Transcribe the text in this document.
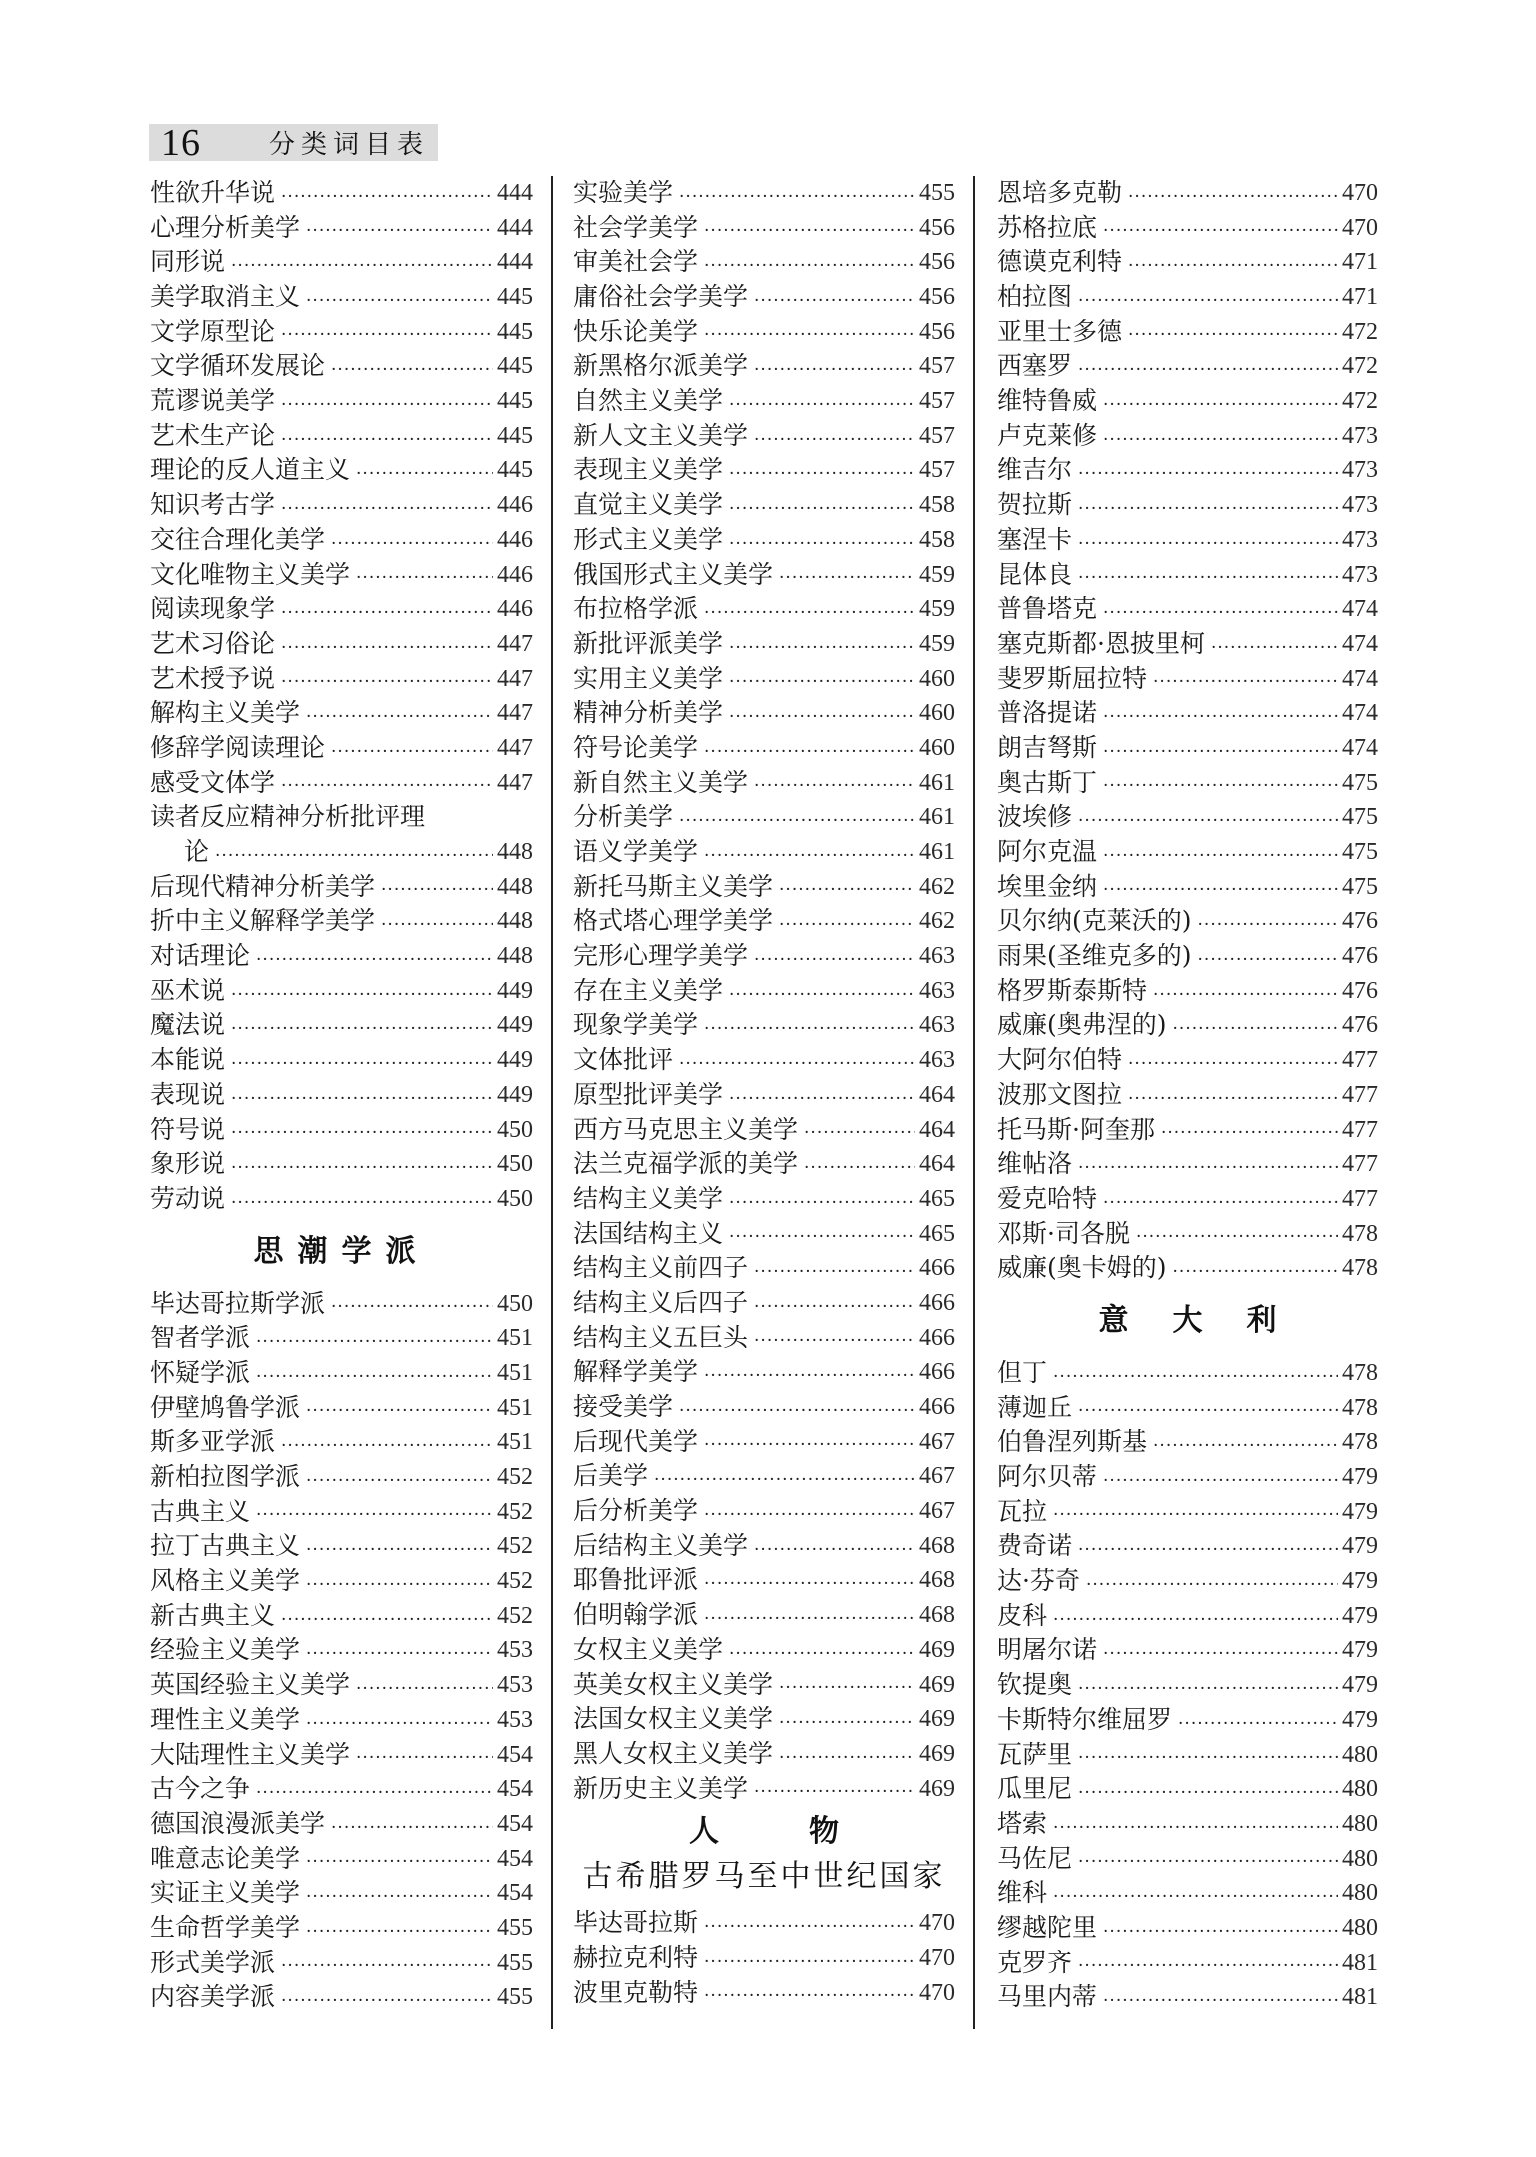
16	分类词目表
性欲升华说 ·····	444
心理分析美学 ·····	444
同形说 ·····	444
美学取消主义 ·····	445
文学原型论 ·····	445
文学循环发展论 ·····	445
荒谬说美学 ·····	445
艺术生产论 ·····	445
理论的反人道主义 ·····	445
知识考古学 ·····	446
交往合理化美学 ·····	446
文化唯物主义美学 ·····	446
阅读现象学 ·····	446
艺术习俗论 ·····	447
艺术授予说 ·····	447
解构主义美学 ·····	447
修辞学阅读理论 ·····	447
感受文体学 ·····	447
读者反应精神分析批评理
论 ·····	448
后现代精神分析美学 ·····	448
折中主义解释学美学 ·····	448
对话理论 ·····	448
巫术说 ·····	449
魔法说 ·····	449
本能说 ·····	449
表现说 ·····	449
符号说 ·····	450
象形说 ·····	450
劳动说 ·····	450
思潮学派
毕达哥拉斯学派 ·····	450
智者学派 ·····	451
怀疑学派 ·····	451
伊壁鸠鲁学派 ·····	451
斯多亚学派 ·····	451
新柏拉图学派 ·····	452
古典主义 ·····	452
拉丁古典主义 ·····	452
风格主义美学 ·····	452
新古典主义 ·····	452
经验主义美学 ·····	453
英国经验主义美学 ·····	453
理性主义美学 ·····	453
大陆理性主义美学 ·····	454
古今之争 ·····	454
德国浪漫派美学 ·····	454
唯意志论美学 ·····	454
实证主义美学 ·····	454
生命哲学美学 ·····	455
形式美学派 ·····	455
内容美学派 ·····	455
实验美学 ·····	455
社会学美学 ·····	456
审美社会学 ·····	456
庸俗社会学美学 ·····	456
快乐论美学 ·····	456
新黑格尔派美学 ·····	457
自然主义美学 ·····	457
新人文主义美学 ·····	457
表现主义美学 ·····	457
直觉主义美学 ·····	458
形式主义美学 ·····	458
俄国形式主义美学 ·····	459
布拉格学派 ·····	459
新批评派美学 ·····	459
实用主义美学 ·····	460
精神分析美学 ·····	460
符号论美学 ·····	460
新自然主义美学 ·····	461
分析美学 ·····	461
语义学美学 ·····	461
新托马斯主义美学 ·····	462
格式塔心理学美学 ·····	462
完形心理学美学 ·····	463
存在主义美学 ·····	463
现象学美学 ·····	463
文体批评 ·····	463
原型批评美学 ·····	464
西方马克思主义美学 ·····	464
法兰克福学派的美学 ·····	464
结构主义美学 ·····	465
法国结构主义 ·····	465
结构主义前四子 ·····	466
结构主义后四子 ·····	466
结构主义五巨头 ·····	466
解释学美学 ·····	466
接受美学 ·····	466
后现代美学 ·····	467
后美学 ·····	467
后分析美学 ·····	467
后结构主义美学 ·····	468
耶鲁批评派 ·····	468
伯明翰学派 ·····	468
女权主义美学 ·····	469
英美女权主义美学 ·····	469
法国女权主义美学 ·····	469
黑人女权主义美学 ·····	469
新历史主义美学 ·····	469
人物
古希腊罗马至中世纪国家
毕达哥拉斯 ·····	470
赫拉克利特 ·····	470
波里克勒特 ·····	470
恩培多克勒 ·····	470
苏格拉底 ·····	470
德谟克利特 ·····	471
柏拉图 ·····	471
亚里士多德 ·····	472
西塞罗 ·····	472
维特鲁威 ·····	472
卢克莱修 ·····	473
维吉尔 ·····	473
贺拉斯 ·····	473
塞涅卡 ·····	473
昆体良 ·····	473
普鲁塔克 ·····	474
塞克斯都·恩披里柯 ·····	474
斐罗斯屈拉特 ·····	474
普洛提诺 ·····	474
朗吉弩斯 ·····	474
奥古斯丁 ·····	475
波埃修 ·····	475
阿尔克温 ·····	475
埃里金纳 ·····	475
贝尔纳(克莱沃的) ·····	476
雨果(圣维克多的) ·····	476
格罗斯泰斯特 ·····	476
威廉(奥弗涅的) ·····	476
大阿尔伯特 ·····	477
波那文图拉 ·····	477
托马斯·阿奎那 ·····	477
维帖洛 ·····	477
爱克哈特 ·····	477
邓斯·司各脱 ·····	478
威廉(奥卡姆的) ·····	478
意大利
但丁 ·····	478
薄迦丘 ·····	478
伯鲁涅列斯基 ·····	478
阿尔贝蒂 ·····	479
瓦拉 ·····	479
费奇诺 ·····	479
达·芬奇 ·····	479
皮科 ·····	479
明屠尔诺 ·····	479
钦提奥 ·····	479
卡斯特尔维屈罗 ·····	479
瓦萨里 ·····	480
瓜里尼 ·····	480
塔索 ·····	480
马佐尼 ·····	480
维科 ·····	480
缪越陀里 ·····	480
克罗齐 ·····	481
马里内蒂 ·····	481
